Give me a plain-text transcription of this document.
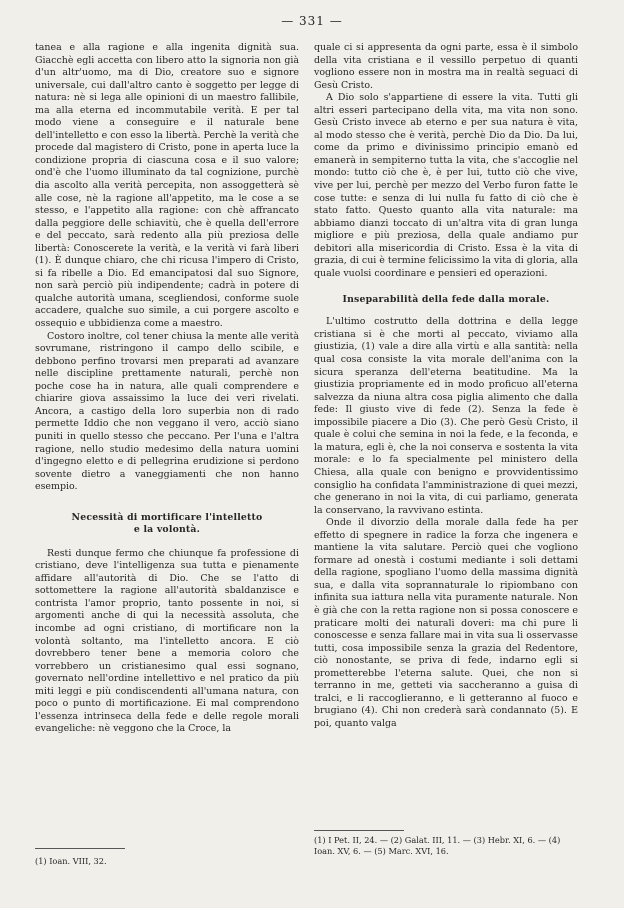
— 331 —

tanea e alla ragione e alla ingenita dignità sua. Giacchè egli accetta con libero atto la signoria non già d'un altr'uomo, ma di Dio, creatore suo e signore universale, cui dall'altro canto è soggetto per legge di natura: nè si lega alle opinioni di un maestro fallibile, ma alla eterna ed incommutabile verità. E per tal modo viene a conseguire e il naturale bene dell'intelletto e con esso la libertà. Perchè la verità che procede dal magistero di Cristo, pone in aperta luce la condizione propria di ciascuna cosa e il suo valore; ond'è che l'uomo illuminato da tal cognizione, purchè dia ascolto alla verità percepita, non assoggetterà sè alle cose, nè la ragione all'appetito, ma le cose a se stesso, e l'appetito alla ragione: con chè affrancato dalla peggiore delle schiavitù, che è quella dell'errore e del peccato, sarà redento alla più preziosa delle libertà: Conoscerete la verità, e la verità vi farà liberi (1). È dunque chiaro, che chi ricusa l'impero di Cristo, si fa ribelle a Dio. Ed emancipatosi dal suo Signore, non sarà perciò più indipendente; cadrà in potere di qualche autorità umana, scegliendosi, conforme suole accadere, qualche suo simile, a cui porgere ascolto e ossequio e ubbidienza come a maestro.

Costoro inoltre, col tener chiusa la mente alle verità sovrumane, ristringono il campo dello scibile, e debbono perfino trovarsi men preparati ad avanzare nelle discipline prettamente naturali, perchè non poche cose ha in natura, alle quali comprendere e chiarire giova assaissimo la luce dei veri rivelati. Ancora, a castigo della loro superbia non di rado permette Iddio che non veggano il vero, acciò siano puniti in quello stesso che peccano. Per l'una e l'altra ragione, nello studio medesimo della natura uomini d'ingegno eletto e di pellegrina erudizione si perdono sovente dietro a vaneggiamenti che non hanno esempio.

Necessità di mortificare l'intelletto
e la volontà.

Resti dunque fermo che chiunque fa professione di cristiano, deve l'intelligenza sua tutta e pienamente affidare all'autorità di Dio. Che se l'atto di sottomettere la ragione all'autorità sbaldanzisce e contrista l'amor proprio, tanto possente in noi, si argomenti anche di qui la necessità assoluta, che incombe ad ogni cristiano, di mortificare non la volontà soltanto, ma l'intelletto ancora. E ciò dovrebbero tener bene a memoria coloro che vorrebbero un cristianesimo qual essi sognano, governato nell'ordine intellettivo e nel pratico da più miti leggi e più condiscendenti all'umana natura, con poco o punto di mortificazione. Ei mal comprendono l'essenza intrinseca della fede e delle regole morali evangeliche: nè veggono che la Croce, la

(1) Ioan. VIII, 32.

quale ci si appresenta da ogni parte, essa è il simbolo della vita cristiana e il vessillo perpetuo di quanti vogliono essere non in mostra ma in realtà seguaci di Gesù Cristo.

A Dio solo s'appartiene di essere la vita. Tutti gli altri esseri partecipano della vita, ma vita non sono. Gesù Cristo invece ab eterno e per sua natura è vita, al modo stesso che è verità, perchè Dio da Dio. Da lui, come da primo e divinissimo principio emanò ed emanerà in sempiterno tutta la vita, che s'accoglie nel mondo: tutto ciò che è, è per lui, tutto ciò che vive, vive per lui, perchè per mezzo del Verbo furon fatte le cose tutte: e senza di lui nulla fu fatto di ciò che è stato fatto. Questo quanto alla vita naturale: ma abbiamo dianzi toccato di un'altra vita di gran lunga migliore e più preziosa, della quale andiamo pur debitori alla misericordia di Cristo. Essa è la vita di grazia, di cui è termine felicissimo la vita di gloria, alla quale vuolsi coordinare e pensieri ed operazioni.

Inseparabilità della fede dalla morale.

L'ultimo costrutto della dottrina e della legge cristiana si è che morti al peccato, viviamo alla giustizia, (1) vale a dire alla virtù e alla santità: nella qual cosa consiste la vita morale dell'anima con la sicura speranza dell'eterna beatitudine. Ma la giustizia propriamente ed in modo proficuo all'eterna salvezza da niuna altra cosa piglia alimento che dalla fede: Il giusto vive di fede (2). Senza la fede è impossibile piacere a Dio (3). Che però Gesù Cristo, il quale è colui che semina in noi la fede, e la feconda, e la matura, egli è, che la noi conserva e sostenta la vita morale: e lo fa specialmente pel ministero della Chiesa, alla quale con benigno e provvidentissimo consiglio ha confidata l'amministrazione di quei mezzi, che generano in noi la vita, di cui parliamo, generata la conservano, la ravvivano estinta.

Onde il divorzio della morale dalla fede ha per effetto di spegnere in radice la forza che ingenera e mantiene la vita salutare. Perciò quei che vogliono formare ad onestà i costumi mediante i soli dettami della ragione, spogliano l'uomo della massima dignità sua, e dalla vita soprannaturale lo ripiombano con infinita sua iattura nella vita puramente naturale. Non è già che con la retta ragione non si possa conoscere e praticare molti dei naturali doveri: ma chi pure li conoscesse e senza fallare mai in vita sua li osservasse tutti, cosa impossibile senza la grazia del Redentore, ciò nonostante, se priva di fede, indarno egli si prometterebbe l'eterna salute. Quei, che non si terranno in me, getteti via saccheranno a guisa di tralci, e li raccoglieranno, e li getteranno al fuoco e brugiano (4). Chi non crederà sarà condannato (5). E poi, quanto valga

(1) I Pet. II, 24. — (2) Galat. III, 11. — (3) Hebr. XI, 6. — (4) Ioan. XV, 6. — (5) Marc. XVI, 16.
